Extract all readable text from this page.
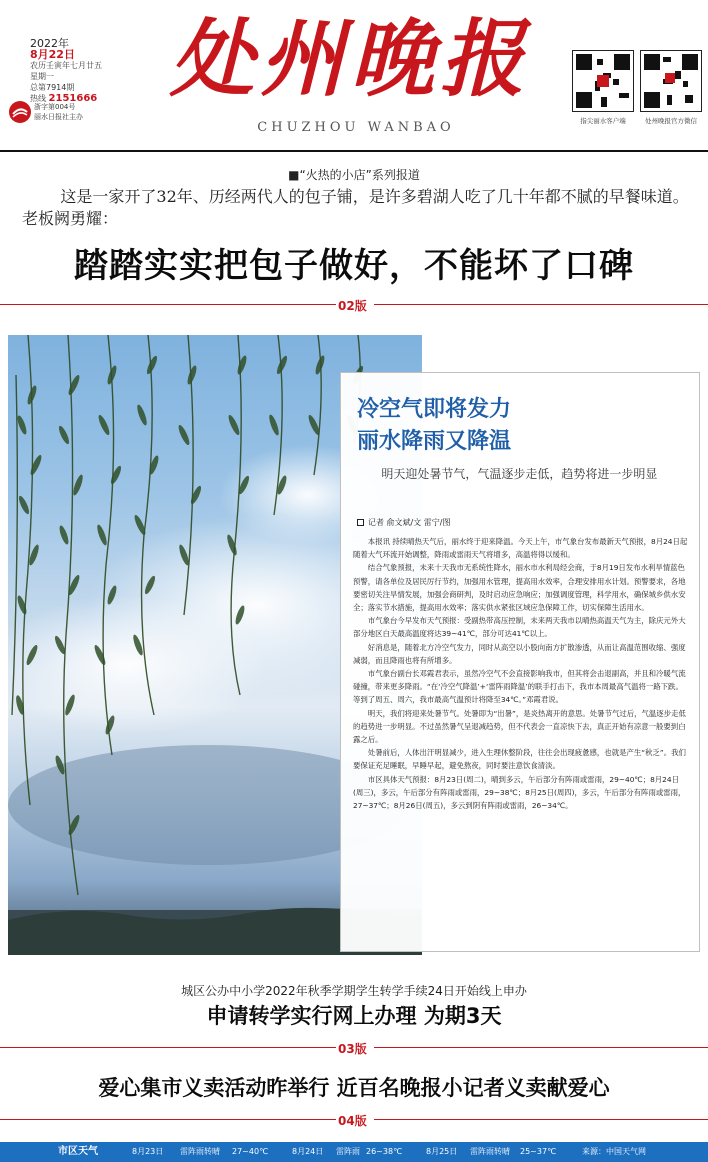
2022年
8月22日
农历壬寅年七月廿五
星期一
总第7914期
热线 2151666
浙字第004号
丽水日报社主办
处州晚报
CHUZHOU WANBAO	指尖丽水客户端	处州晚报官方微信
■“火热的小店”系列报道
这是一家开了32年、历经两代人的包子铺，是许多碧湖人吃了几十年都不腻的早餐味道。老板阙勇耀：
踏踏实实把包子做好，不能坏了口碑
02版
冷空气即将发力
丽水降雨又降温
明天迎处暑节气，气温逐步走低，趋势将进一步明显
记者 俞文斌/文 雷宁/图

本报讯 持续晴热天气后，丽水终于迎来降温。今天上午，市气象台发布最新天气预报，8月24日起随着大气环流开始调整，降雨或雷雨天气将增多，高温将得以缓和。

结合气象预报，未来十天我市无系统性降水，丽水市水利局经会商，于8月19日发布水利旱情蓝色预警，请各单位及居民厉行节约，加强用水管理，提高用水效率，合理安排用水计划。预警要求，各地要密切关注旱情发展，加强会商研判，及时启动应急响应；加强调度管理，科学用水，确保城乡供水安全；落实节水措施，提高用水效率；落实供水紧张区域应急保障工作，切实保障生活用水。

市气象台今早发布天气预报：受副热带高压控制，未来两天我市以晴热高温天气为主，除庆元外大部分地区白天最高温度将达39~41℃，部分可达41℃以上。

好消息是，随着北方冷空气发力，同时从高空以小股向南方扩散渗透，从而让高温范围收缩、强度减弱，而且降雨也将有所增多。

市气象台副台长邓霞君表示，虽然冷空气不会直接影响我市，但其将会击退副高，并且和冷暖气流碰撞，带来更多降雨。“在‘冷空气降温’+‘雷阵雨降温’的联手打击下，我市本周最高气温将一路下跌。等到了周五、周六，我市最高气温预计将降至34℃。”邓霞君说。

明天，我们将迎来处暑节气。处暑即为“出暑”，是炎热离开的意思。处暑节气过后，气温逐步走低的趋势进一步明显。不过虽然暑气呈退减趋势，但不代表会一直凉快下去，真正开始有凉意一般要到白露之后。

处暑前后，人体出汗明显减少，进入生理休整阶段，往往会出现疲惫感，也就是产生“秋乏”。我们要保证充足睡眠，早睡早起，避免熬夜，同时要注意饮食清淡。

市区具体天气预报：8月23日(周二)，晴到多云，午后部分有阵雨或雷雨，29~40℃；8月24日(周三)，多云，午后部分有阵雨或雷雨，29~38℃；8月25日(周四)，多云，午后部分有阵雨或雷雨，27~37℃；8月26日(周五)，多云到阴有阵雨或雷雨，26~34℃。

城区公办中小学2022年秋季学期学生转学手续24日开始线上申办
申请转学实行网上办理 为期3天
03版
爱心集市义卖活动昨举行 近百名晚报小记者义卖献爱心
04版
市区天气	8月23日 雷阵雨转晴 27~40℃	8月24日 雷阵雨 26~38℃	8月25日 雷阵雨转晴 25~37℃	来源：中国天气网
